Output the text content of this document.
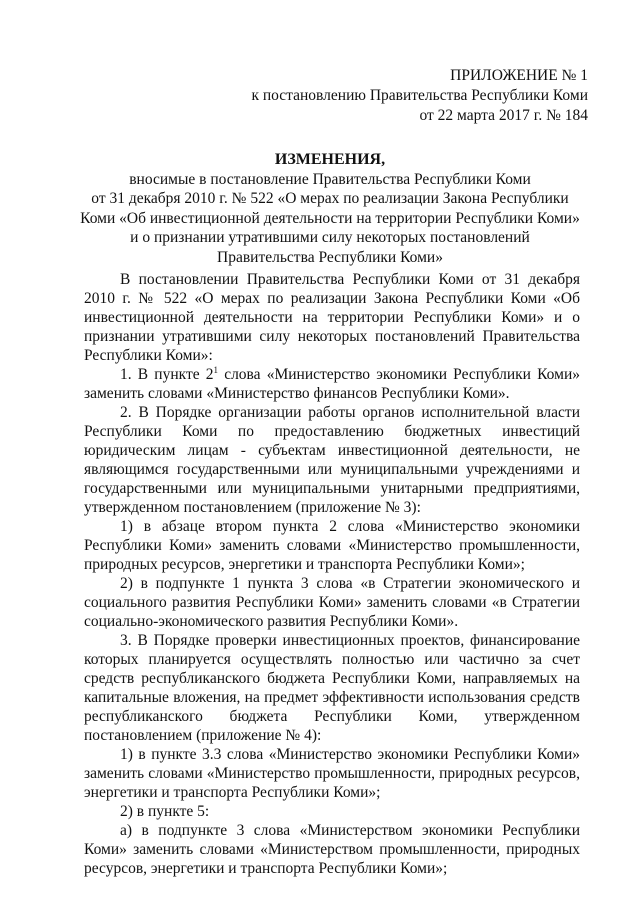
ПРИЛОЖЕНИЕ № 1
к постановлению Правительства Республики Коми
от 22 марта 2017 г. № 184
ИЗМЕНЕНИЯ,
вносимые в постановление Правительства Республики Коми
от 31 декабря 2010 г. № 522 «О мерах по реализации Закона Республики
Коми «Об инвестиционной деятельности на территории Республики Коми»
и о признании утратившими силу некоторых постановлений
Правительства Республики Коми»

В постановлении Правительства Республики Коми от 31 декабря 2010 г. № 522 «О мерах по реализации Закона Республики Коми «Об инвестиционной деятельности на территории Республики Коми» и о признании утратившими силу некоторых постановлений Правительства Республики Коми»:

1. В пункте $2^1$ слова «Министерство экономики Республики Коми» заменить словами «Министерство финансов Республики Коми».

2. В Порядке организации работы органов исполнительной власти Республики Коми по предоставлению бюджетных инвестиций юридическим лицам - субъектам инвестиционной деятельности, не являющимся государственными или муниципальными учреждениями и государственными или муниципальными унитарными предприятиями, утвержденном постановлением (приложение № 3):

1) в абзаце втором пункта 2 слова «Министерство экономики Республики Коми» заменить словами «Министерство промышленности, природных ресурсов, энергетики и транспорта Республики Коми»;

2) в подпункте 1 пункта 3 слова «в Стратегии экономического и социального развития Республики Коми» заменить словами «в Стратегии социально-экономического развития Республики Коми».

3. В Порядке проверки инвестиционных проектов, финансирование которых планируется осуществлять полностью или частично за счет средств республиканского бюджета Республики Коми, направляемых на капитальные вложения, на предмет эффективности использования средств республиканского бюджета Республики Коми, утвержденном постановлением (приложение № 4):

1) в пункте 3.3 слова «Министерство экономики Республики Коми» заменить словами «Министерство промышленности, природных ресурсов, энергетики и транспорта Республики Коми»;

2) в пункте 5:

а) в подпункте 3 слова «Министерством экономики Республики Коми» заменить словами «Министерством промышленности, природных ресурсов, энергетики и транспорта Республики Коми»;
